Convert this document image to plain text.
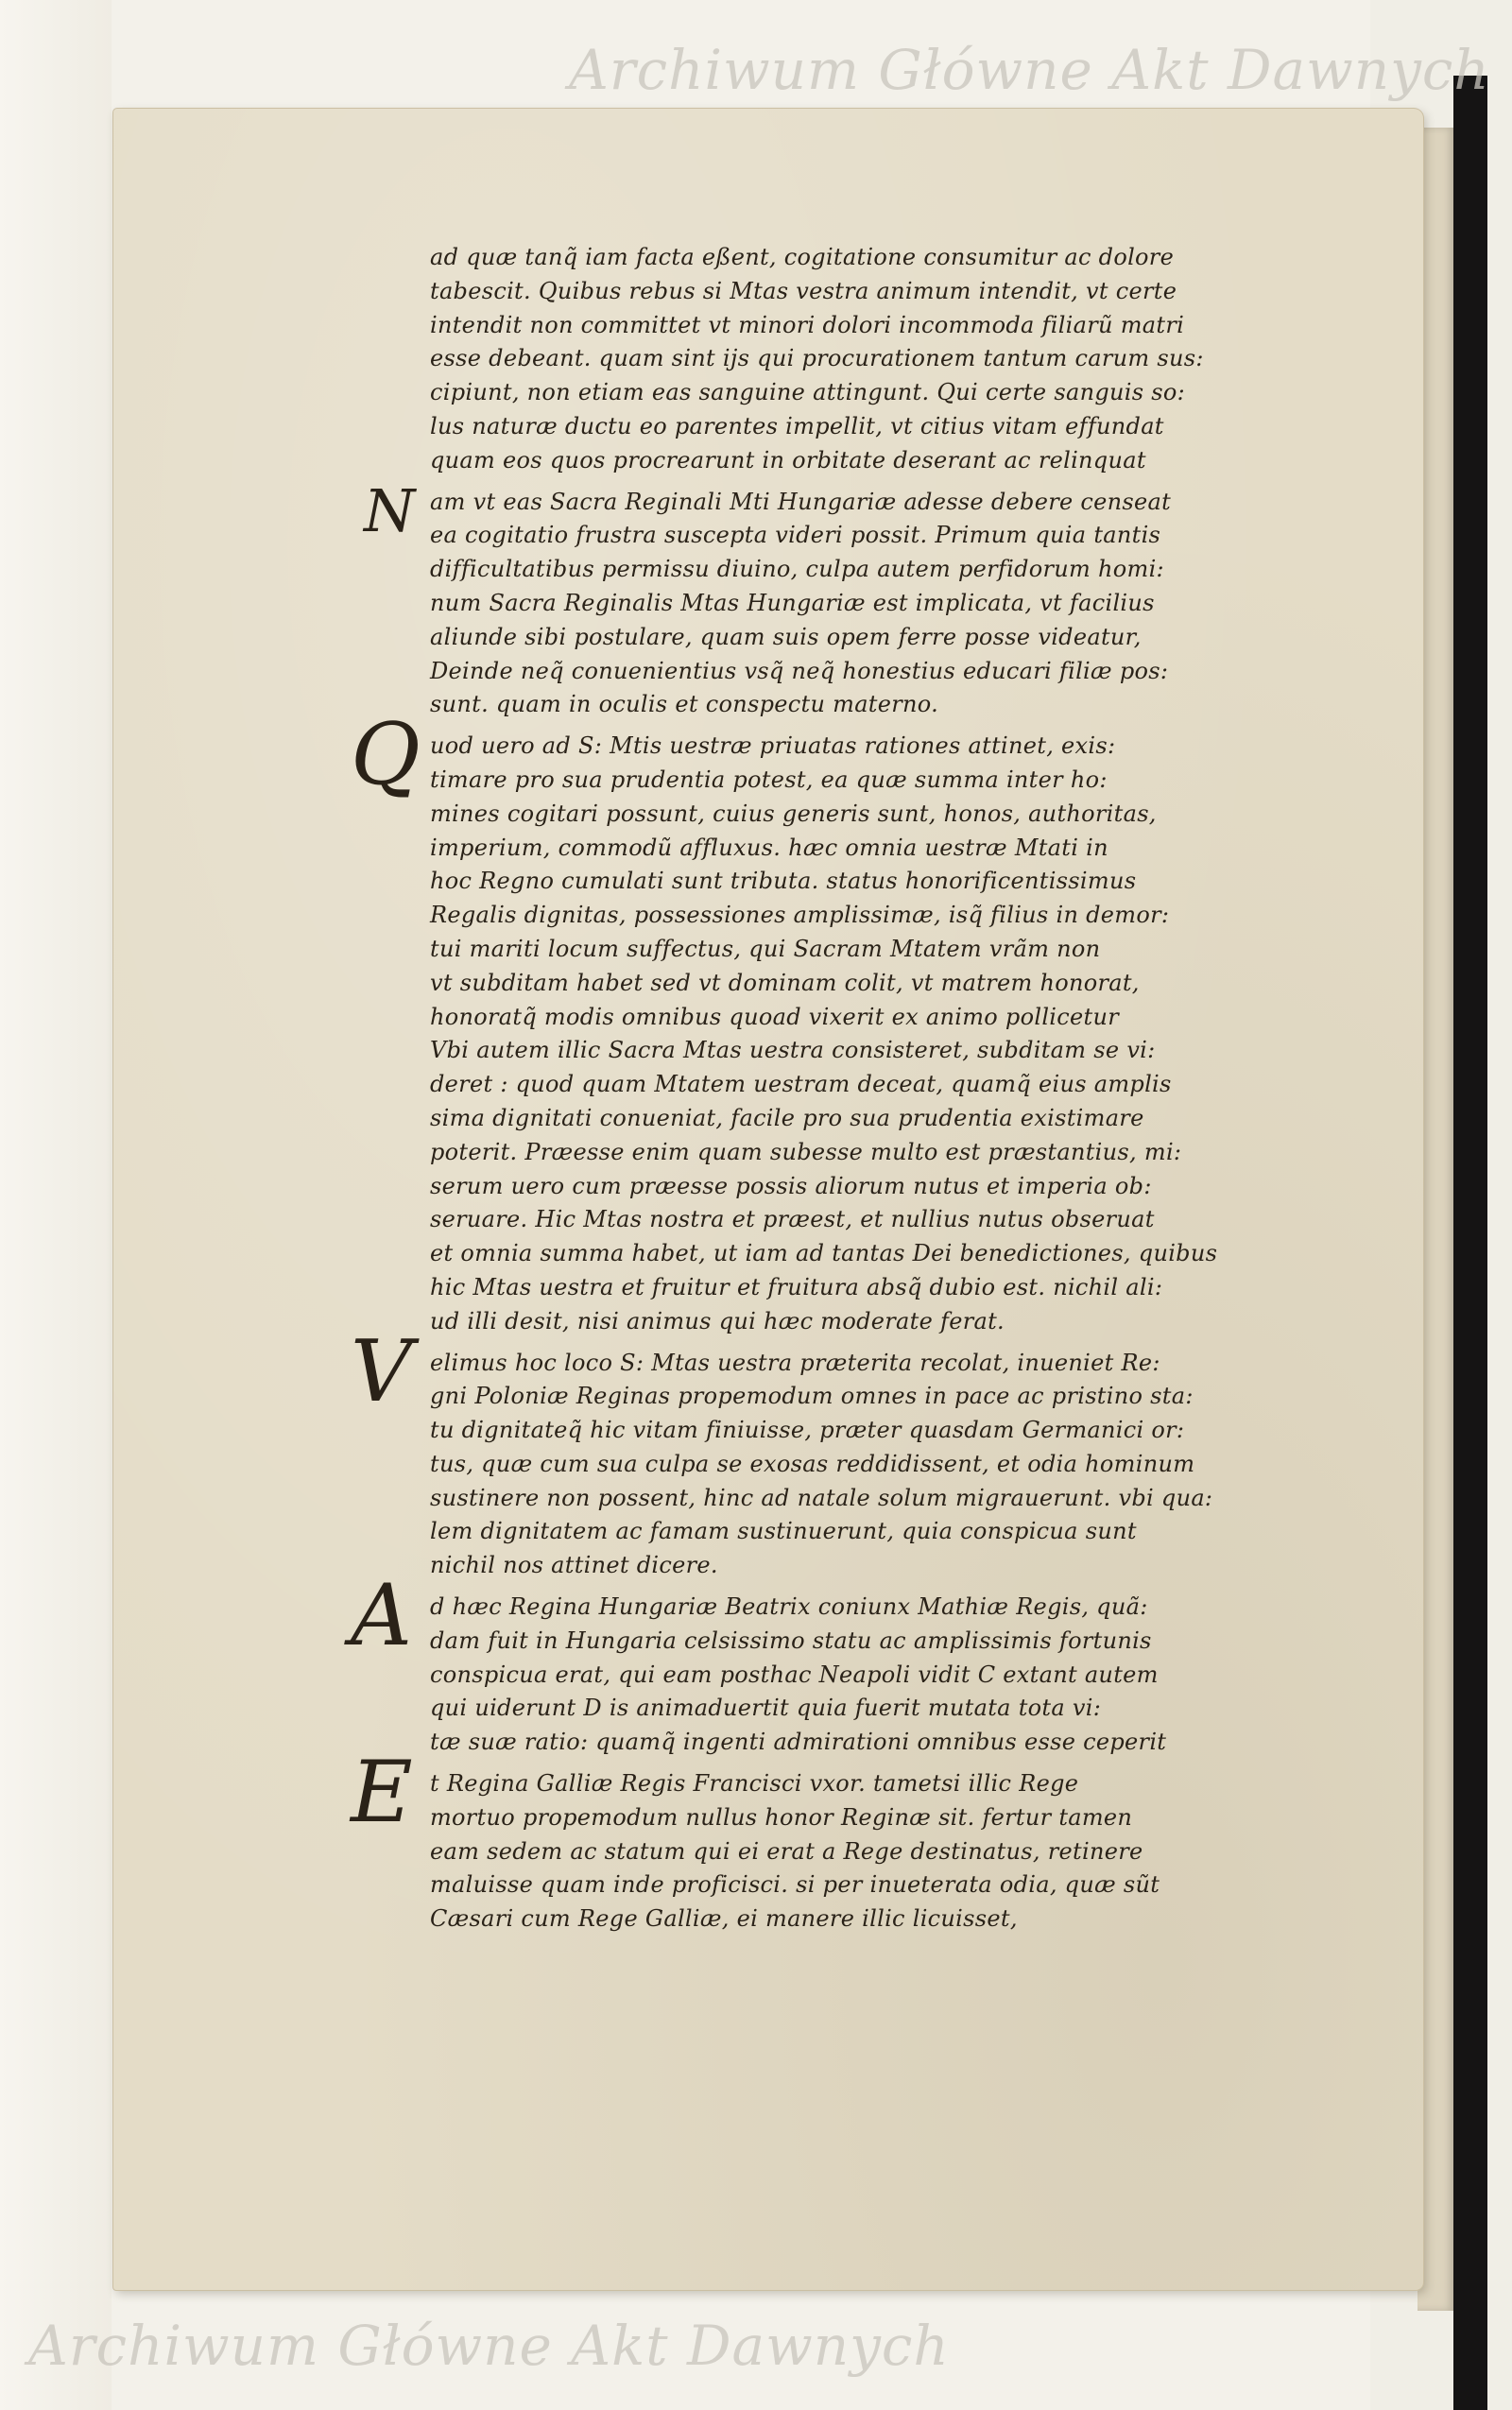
Archiwum Główne Akt Dawnych
Archiwum Główne Akt Dawnych
ad quæ tanq̃ iam facta eßent, cogitatione consumitur ac dolore
tabescit. Quibus rebus si Mtas vestra animum intendit, vt certe
intendit non committet vt minori dolori incommoda filiarũ matri
esse debeant. quam sint ijs qui procurationem tantum carum sus:
cipiunt, non etiam eas sanguine attingunt. Qui certe sanguis so:
lus naturæ ductu eo parentes impellit, vt citius vitam effundat
quam eos quos procrearunt in orbitate deserant ac relinquat
N am vt eas Sacra Reginali Mti Hungariæ adesse debere censeat
ea cogitatio frustra suscepta videri possit. Primum quia tantis
difficultatibus permissu diuino, culpa autem perfidorum homi:
num Sacra Reginalis Mtas Hungariæ est implicata, vt facilius
aliunde sibi postulare, quam suis opem ferre posse videatur,
Deinde neq̃ conuenientius vsq̃ neq̃ honestius educari filiæ pos:
sunt. quam in oculis et conspectu materno.
Q uod uero ad S: Mtis uestræ priuatas rationes attinet, exis:
timare pro sua prudentia potest, ea quæ summa inter ho:
mines cogitari possunt, cuius generis sunt, honos, authoritas,
imperium, commodũ affluxus. hæc omnia uestræ Mtati in
hoc Regno cumulati sunt tributa. status honorificentissimus
Regalis dignitas, possessiones amplissimæ, isq̃ filius in demor:
tui mariti locum suffectus, qui Sacram Mtatem vrãm non
vt subditam habet sed vt dominam colit, vt matrem honorat,
honoratq̃ modis omnibus quoad vixerit ex animo pollicetur
Vbi autem illic Sacra Mtas uestra consisteret, subditam se vi:
deret : quod quam Mtatem uestram deceat, quamq̃ eius amplis
sima dignitati conueniat, facile pro sua prudentia existimare
poterit. Præesse enim quam subesse multo est præstantius, mi:
serum uero cum præesse possis aliorum nutus et imperia ob:
seruare. Hic Mtas nostra et præest, et nullius nutus obseruat
et omnia summa habet, ut iam ad tantas Dei benedictiones, quibus
hic Mtas uestra et fruitur et fruitura absq̃ dubio est. nichil ali:
ud illi desit, nisi animus qui hæc moderate ferat.
V elimus hoc loco S: Mtas uestra præterita recolat, inueniet Re:
gni Poloniæ Reginas propemodum omnes in pace ac pristino sta:
tu dignitateq̃ hic vitam finiuisse, præter quasdam Germanici or:
tus, quæ cum sua culpa se exosas reddidissent, et odia hominum
sustinere non possent, hinc ad natale solum migrauerunt. vbi qua:
lem dignitatem ac famam sustinuerunt, quia conspicua sunt
nichil nos attinet dicere.
A d hæc Regina Hungariæ Beatrix coniunx Mathiæ Regis, quã:
dam fuit in Hungaria celsissimo statu ac amplissimis fortunis
conspicua erat, qui eam posthac Neapoli vidit C extant autem
qui uiderunt D is animaduertit quia fuerit mutata tota vi:
tæ suæ ratio: quamq̃ ingenti admirationi omnibus esse ceperit
E t Regina Galliæ Regis Francisci vxor. tametsi illic Rege
mortuo propemodum nullus honor Reginæ sit. fertur tamen
eam sedem ac statum qui ei erat a Rege destinatus, retinere
maluisse quam inde proficisci. si per inueterata odia, quæ sũt
Cæsari cum Rege Galliæ, ei manere illic licuisset,
